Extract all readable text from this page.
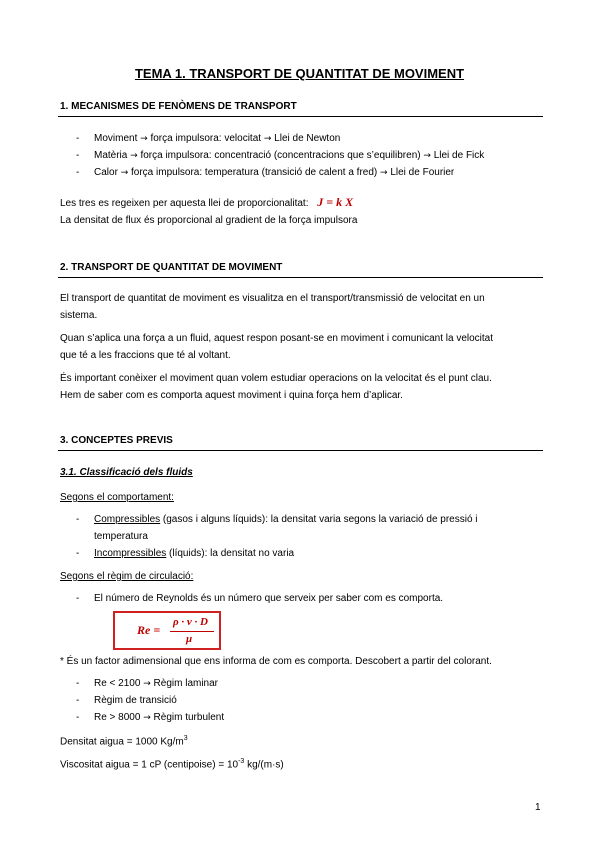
TEMA 1. TRANSPORT DE QUANTITAT DE MOVIMENT
1. MECANISMES DE FENÒMENS DE TRANSPORT
- Moviment → força impulsora: velocitat → Llei de Newton
- Matèria → força impulsora: concentració (concentracions que s’equilibren) → Llei de Fick
- Calor → força impulsora: temperatura (transició de calent a fred) → Llei de Fourier
Les tres es regeixen per aquesta llei de proporcionalitat: J = k X
La densitat de flux és proporcional al gradient de la força impulsora
2. TRANSPORT DE QUANTITAT DE MOVIMENT
El transport de quantitat de moviment es visualitza en el transport/transmissió de velocitat en un
sistema.
Quan s’aplica una força a un fluid, aquest respon posant-se en moviment i comunicant la velocitat
que té a les fraccions que té al voltant.
És important conèixer el moviment quan volem estudiar operacions on la velocitat és el punt clau.
Hem de saber com es comporta aquest moviment i quina força hem d’aplicar.
3. CONCEPTES PREVIS
3.1. Classificació dels fluids
Segons el comportament:
- Compressibles (gasos i alguns líquids): la densitat varia segons la variació de pressió i
temperatura
- Incompressibles (líquids): la densitat no varia
Segons el règim de circulació:
- El número de Reynolds és un número que serveix per saber com es comporta.
Re =
ρ · v · D
μ
* És un factor adimensional que ens informa de com es comporta. Descobert a partir del colorant.
- Re < 2100 → Règim laminar
- Règim de transició
- Re > 8000 → Règim turbulent
Densitat aigua = 1000 $Kg/m^3$
Viscositat aigua = 1 cP (centipoise) = $10^{-3}$ kg/(m·s)
1
